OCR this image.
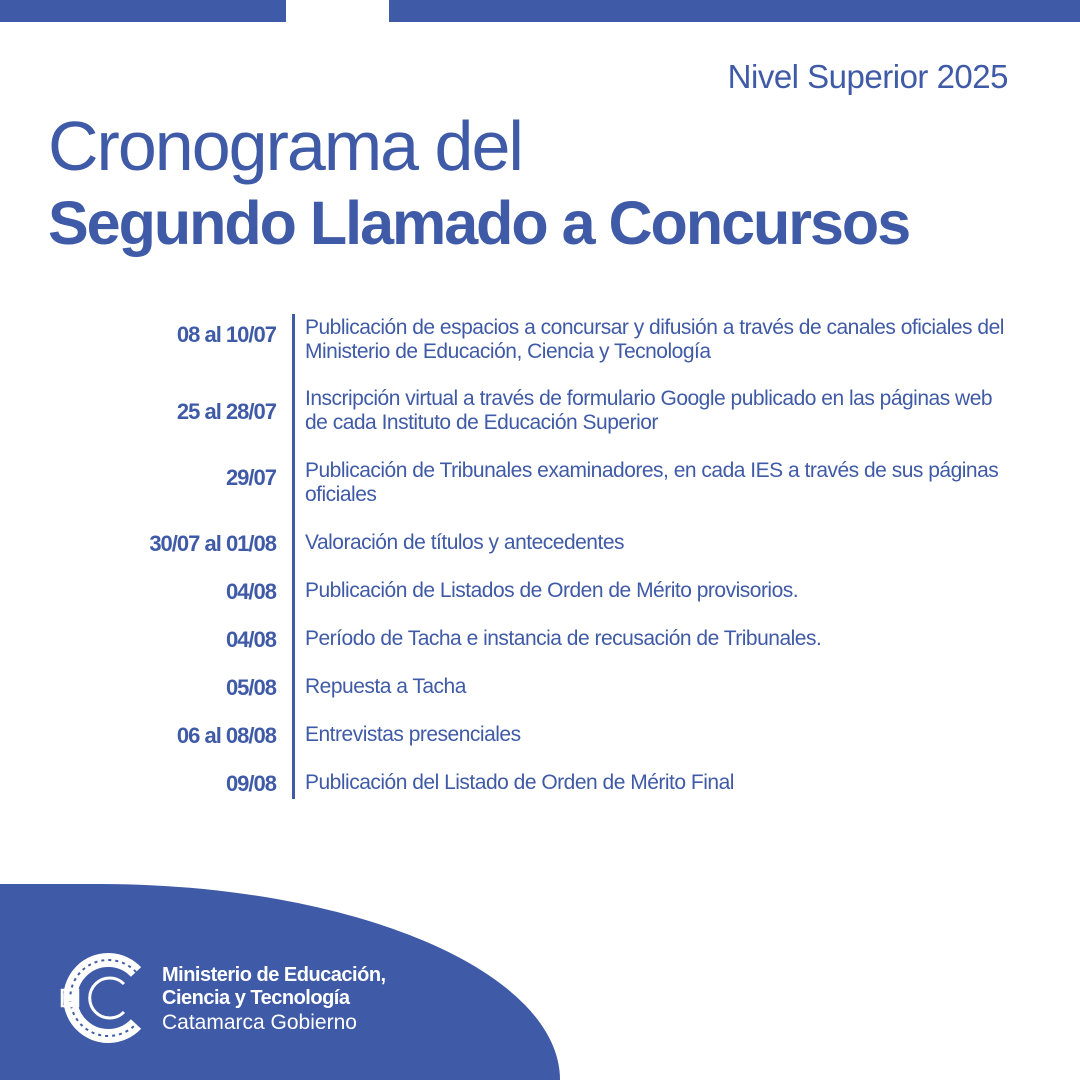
Nivel Superior 2025
Cronograma del
Segundo Llamado a Concursos
08 al 10/07 Publicación de espacios a concursar y difusión a través de canales oficiales del Ministerio de Educación, Ciencia y Tecnología
25 al 28/07
Inscripción virtual a través de formulario Google publicado en las páginas web de cada Instituto de Educación Superior
29/07 Publicación de Tribunales examinadores, en cada IES a través de sus páginas oficiales
30/07 al 01/08 Valoración de títulos y antecedentes
04/08 Publicación de Listados de Orden de Mérito provisorios.
04/08 Período de Tacha e instancia de recusación de Tribunales.
05/08 Repuesta a Tacha
06 al 08/08 Entrevistas presenciales
09/08 Publicación del Listado de Orden de Mérito Final
Ministerio de Educación,
Ciencia y Tecnología
Catamarca Gobierno
